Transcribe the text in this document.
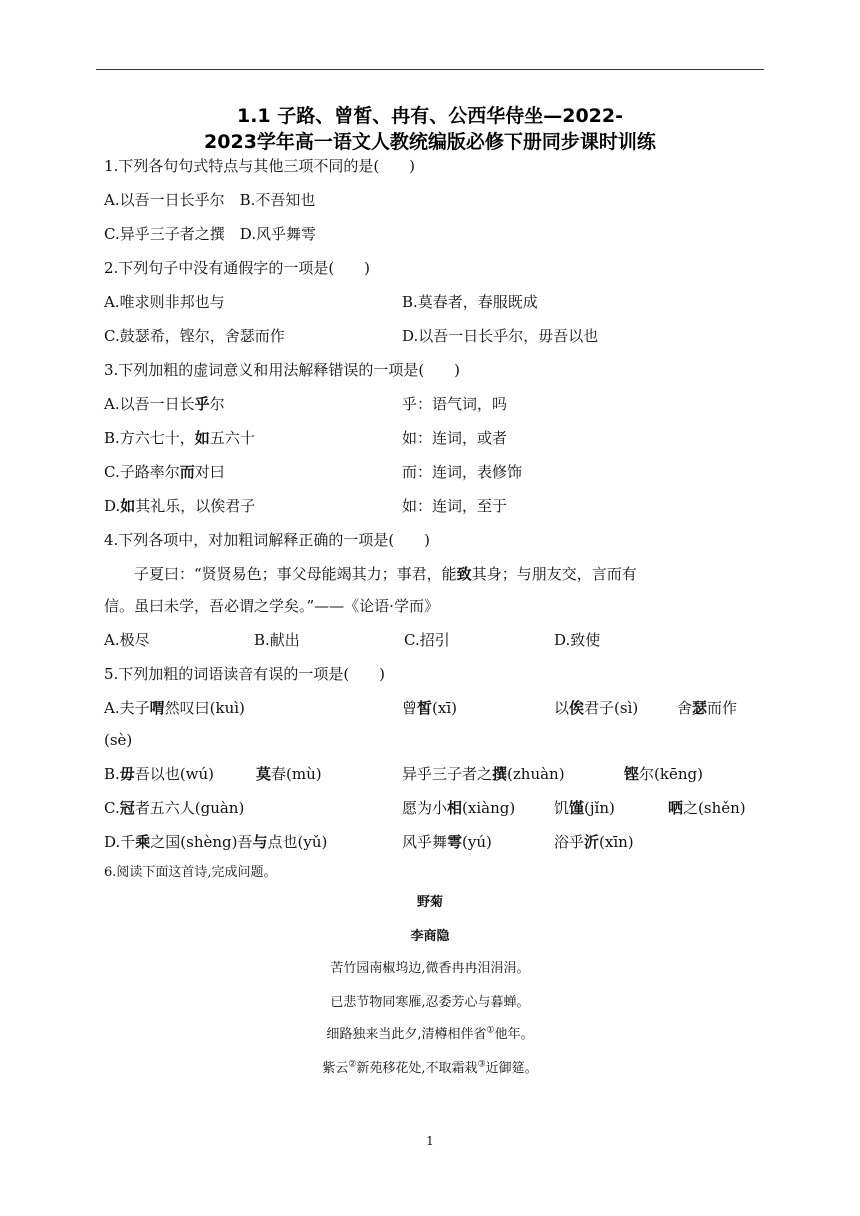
1.1 子路、曾皙、冉有、公西华侍坐—2022-
2023学年高一语文人教统编版必修下册同步课时训练
1.下列各句句式特点与其他三项不同的是(　　)
A.以吾一日长乎尔　B.不吾知也
C.异乎三子者之撰　D.风乎舞雩
2.下列句子中没有通假字的一项是(　　)
A.唯求则非邦也与	B.莫春者，春服既成
C.鼓瑟希，铿尔，舍瑟而作	D.以吾一日长乎尔，毋吾以也
3.下列加粗的虚词意义和用法解释错误的一项是(　　)
A.以吾一日长乎尔	乎：语气词，吗
B.方六七十，如五六十	如：连词，或者
C.子路率尔而对曰	而：连词，表修饰
D.如其礼乐，以俟君子	如：连词，至于
4.下列各项中，对加粗词解释正确的一项是(　　)
子夏曰：“贤贤易色；事父母能竭其力；事君，能致其身；与朋友交，言而有
信。虽曰未学，吾必谓之学矣。”——《论语·学而》
A.极尽	B.献出	C.招引	D.致使
5.下列加粗的词语读音有误的一项是(　　)
A.夫子喟然叹曰(kuì)	曾皙(xī)	以俟君子(sì)	舍瑟而作
(sè)
B.毋吾以也(wú)	莫春(mù)	异乎三子者之撰(zhuàn)	铿尔(kēng)
C.冠者五六人(guàn)	愿为小相(xiàng)	饥馑(jǐn)	哂之(shěn)
D.千乘之国(shèng)吾与点也(yǔ)	风乎舞雩(yú)	浴乎沂(xīn)
6.阅读下面这首诗,完成问题。
野菊
李商隐
苦竹园南椒坞边,微香冉冉泪涓涓。
已悲节物同寒雁,忍委芳心与暮蝉。
细路独来当此夕,清樽相伴省①他年。
紫云②新苑移花处,不取霜栽③近御筵。
1
